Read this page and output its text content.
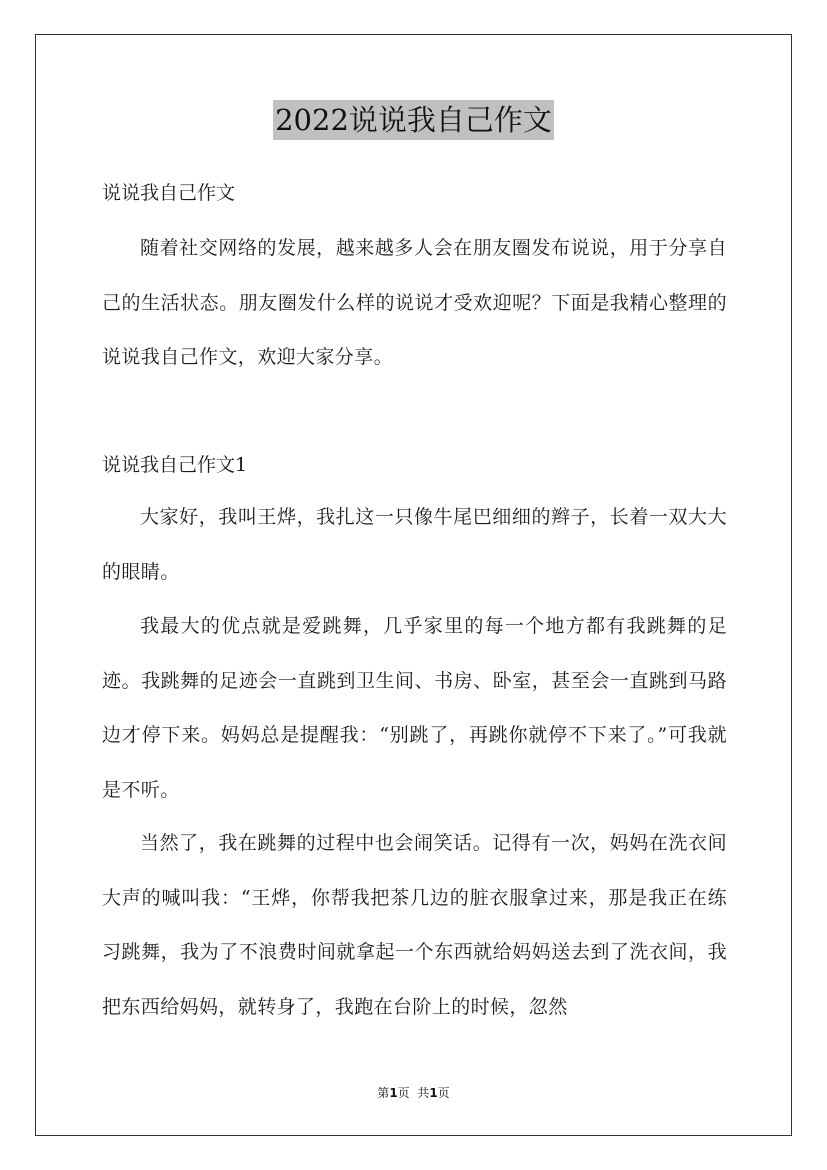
2022说说我自己作文

说说我自己作文

随着社交网络的发展，越来越多人会在朋友圈发布说说，用于分享自己的生活状态。朋友圈发什么样的说说才受欢迎呢？下面是我精心整理的说说我自己作文，欢迎大家分享。

说说我自己作文1

大家好，我叫王烨，我扎这一只像牛尾巴细细的辫子，长着一双大大的眼睛。

我最大的优点就是爱跳舞，几乎家里的每一个地方都有我跳舞的足迹。我跳舞的足迹会一直跳到卫生间、书房、卧室，甚至会一直跳到马路边才停下来。妈妈总是提醒我：“别跳了，再跳你就停不下来了。”可我就是不听。

当然了，我在跳舞的过程中也会闹笑话。记得有一次，妈妈在洗衣间大声的喊叫我：“王烨，你帮我把茶几边的脏衣服拿过来，那是我正在练习跳舞，我为了不浪费时间就拿起一个东西就给妈妈送去到了洗衣间，我把东西给妈妈，就转身了，我跑在台阶上的时候，忽然

第1页  共1页
